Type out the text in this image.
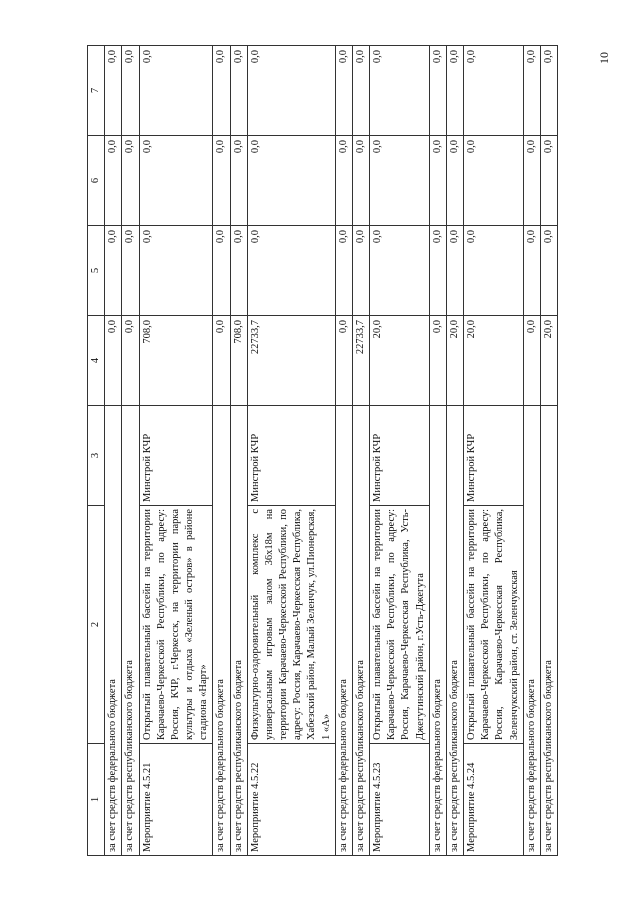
10
1	2	3	4	5	6	7
за счет средств федерального бюджета			0,0	0,0	0,0	0,0
за счет средств республиканского бюджета			0,0	0,0	0,0	0,0
Мероприятие 4.5.21	Открытый плавательный бассейн на территории Карачаево-Черкесской Республики, по адресу: Россия, КЧР, г.Черкесск, на территории парка культуры и отдыха «Зеленый остров» в районе стадиона «Нарт»	Минстрой КЧР	708,0	0,0	0,0	0,0
за счет средств федерального бюджета			0,0	0,0	0,0	0,0
за счет средств республиканского бюджета			708,0	0,0	0,0	0,0
Мероприятие 4.5.22	Физкультурно-оздоровительный комплекс с универсальным игровым залом 36х18м на территории Карачаево-Черкесской Республики, по адресу: Россия, Карачаево-Черкесская Республика, Хабезский район, Малый Зеленчук, ул.Пионерская, 1 «А»	Минстрой КЧР	22733,7	0,0	0,0	0,0
за счет средств федерального бюджета			0,0	0,0	0,0	0,0
за счет средств республиканского бюджета			22733,7	0,0	0,0	0,0
Мероприятие 4.5.23	Открытый плавательный бассейн на территории Карачаево-Черкесской Республики, по адресу: Россия, Карачаево-Черкесская Республика, Усть-Джегутинский район, г.Усть-Джегута	Минстрой КЧР	20,0	0,0	0,0	0,0
за счет средств федерального бюджета			0,0	0,0	0,0	0,0
за счет средств республиканского бюджета			20,0	0,0	0,0	0,0
Мероприятие 4.5.24	Открытый плавательный бассейн на территории Карачаево-Черкесской Республики, по адресу: Россия, Карачаево-Черкесская Республика, Зеленчукский район, ст. Зеленчукская	Минстрой КЧР	20,0	0,0	0,0	0,0
за счет средств федерального бюджета			0,0	0,0	0,0	0,0
за счет средств республиканского бюджета			20,0	0,0	0,0	0,0
